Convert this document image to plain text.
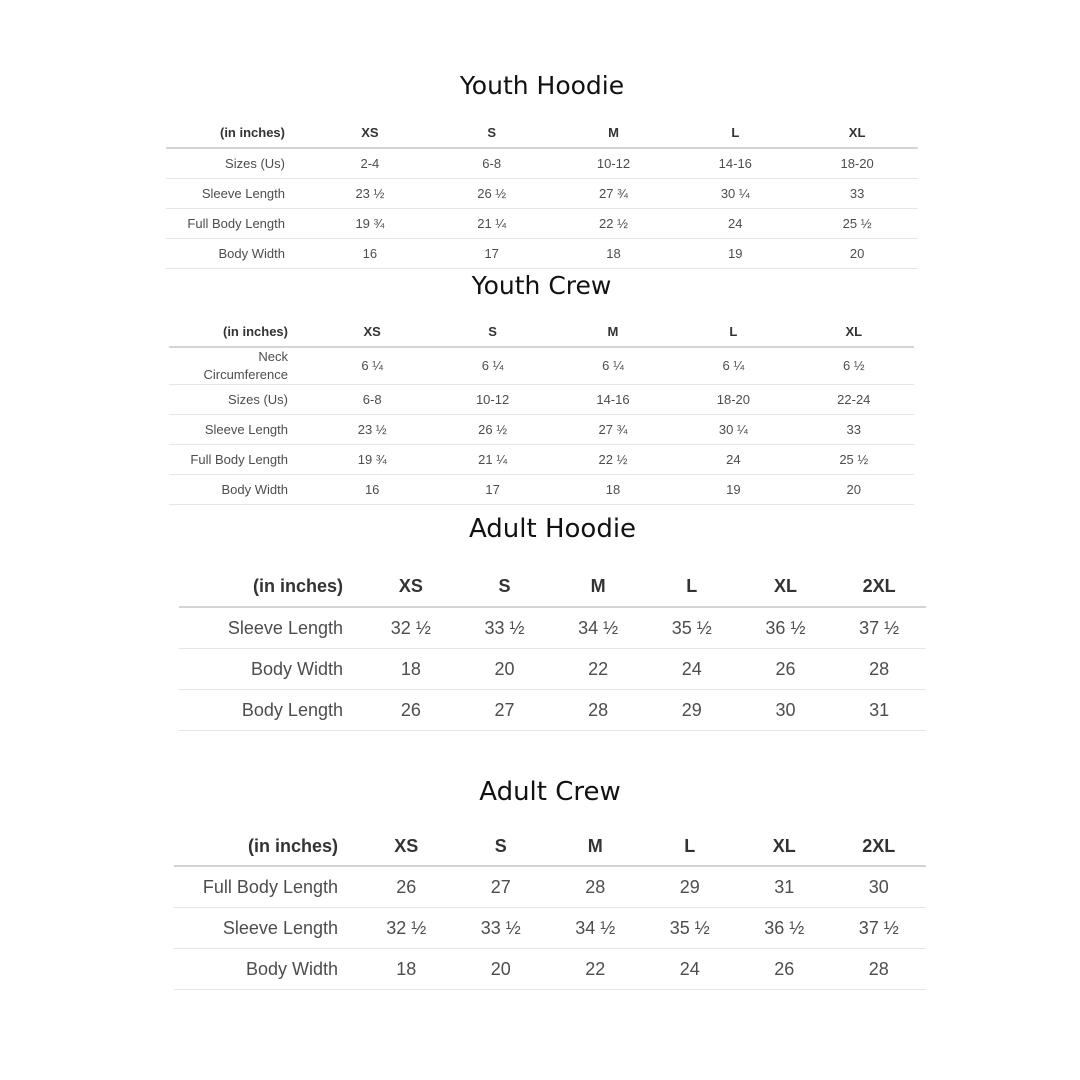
Youth Hoodie
(in inches)	XS	S	M	L	XL
Sizes (Us)	2-4	6-8	10-12	14-16	18-20
Sleeve Length	23 ½	26 ½	27 ¾	30 ¼	33
Full Body Length	19 ¾	21 ¼	22 ½	24	25 ½
Body Width	16	17	18	19	20
Youth Crew
(in inches)	XS	S	M	L	XL
Neck Circumference	6 ¼	6 ¼	6 ¼	6 ¼	6 ½
Sizes (Us)	6-8	10-12	14-16	18-20	22-24
Sleeve Length	23 ½	26 ½	27 ¾	30 ¼	33
Full Body Length	19 ¾	21 ¼	22 ½	24	25 ½
Body Width	16	17	18	19	20
Adult Hoodie
(in inches)	XS	S	M	L	XL	2XL
Sleeve Length	32 ½	33 ½	34 ½	35 ½	36 ½	37 ½
Body Width	18	20	22	24	26	28
Body Length	26	27	28	29	30	31
Adult Crew
(in inches)	XS	S	M	L	XL	2XL
Full Body Length	26	27	28	29	31	30
Sleeve Length	32 ½	33 ½	34 ½	35 ½	36 ½	37 ½
Body Width	18	20	22	24	26	28
